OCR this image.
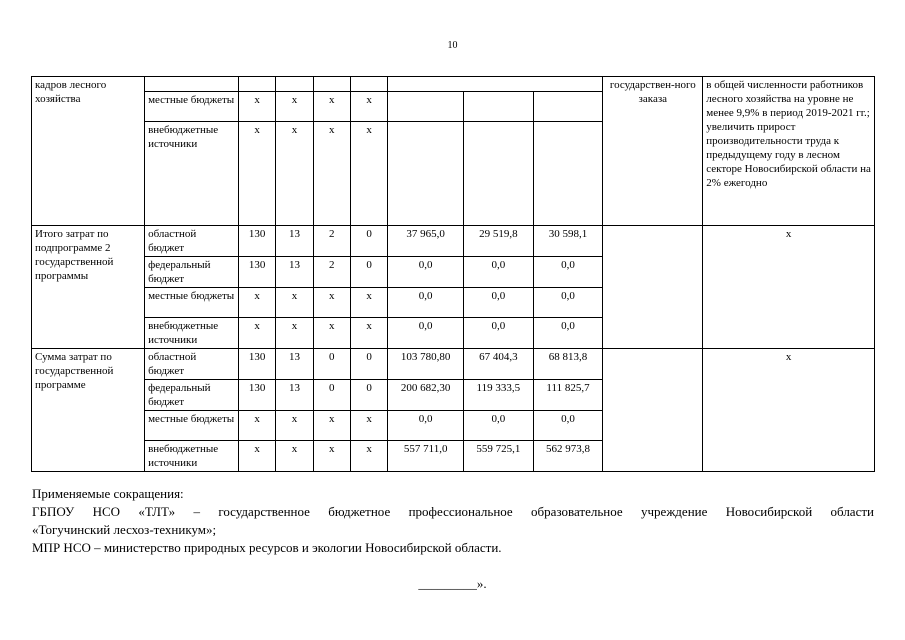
10
кадров лесного хозяйства									государствен-ного заказа	в общей численности работников лесного хозяйства на уровне не менее 9,9% в период 2019-2021 гг.; увеличить прирост производительности труда к предыдущему году в лесном секторе Новосибирской области на 2% ежегодно
	местные бюджеты	x	x	x	x					
	внебюджетные источники	x	x	x	x					
Итого затрат по подпрограмме 2 государственной программы	областной бюджет	130	13	2	0	37 965,0	29 519,8	30 598,1		x
	федеральный бюджет	130	13	2	0	0,0	0,0	0,0		
	местные бюджеты	x	x	x	x	0,0	0,0	0,0		
	внебюджетные источники	x	x	x	x	0,0	0,0	0,0		
Сумма затрат по государственной программе	областной бюджет	130	13	0	0	103 780,80	67 404,3	68 813,8		x
	федеральный бюджет	130	13	0	0	200 682,30	119 333,5	111 825,7		
	местные бюджеты	x	x	x	x	0,0	0,0	0,0		
	внебюджетные источники	x	x	x	x	557 711,0	559 725,1	562 973,8		
Применяемые сокращения:
ГБПОУ НСО «ТЛТ» – государственное бюджетное профессиональное образовательное учреждение Новосибирской области
«Тогучинский лесхоз-техникум»;
МПР НСО – министерство природных ресурсов и экологии Новосибирской области.
_________».
